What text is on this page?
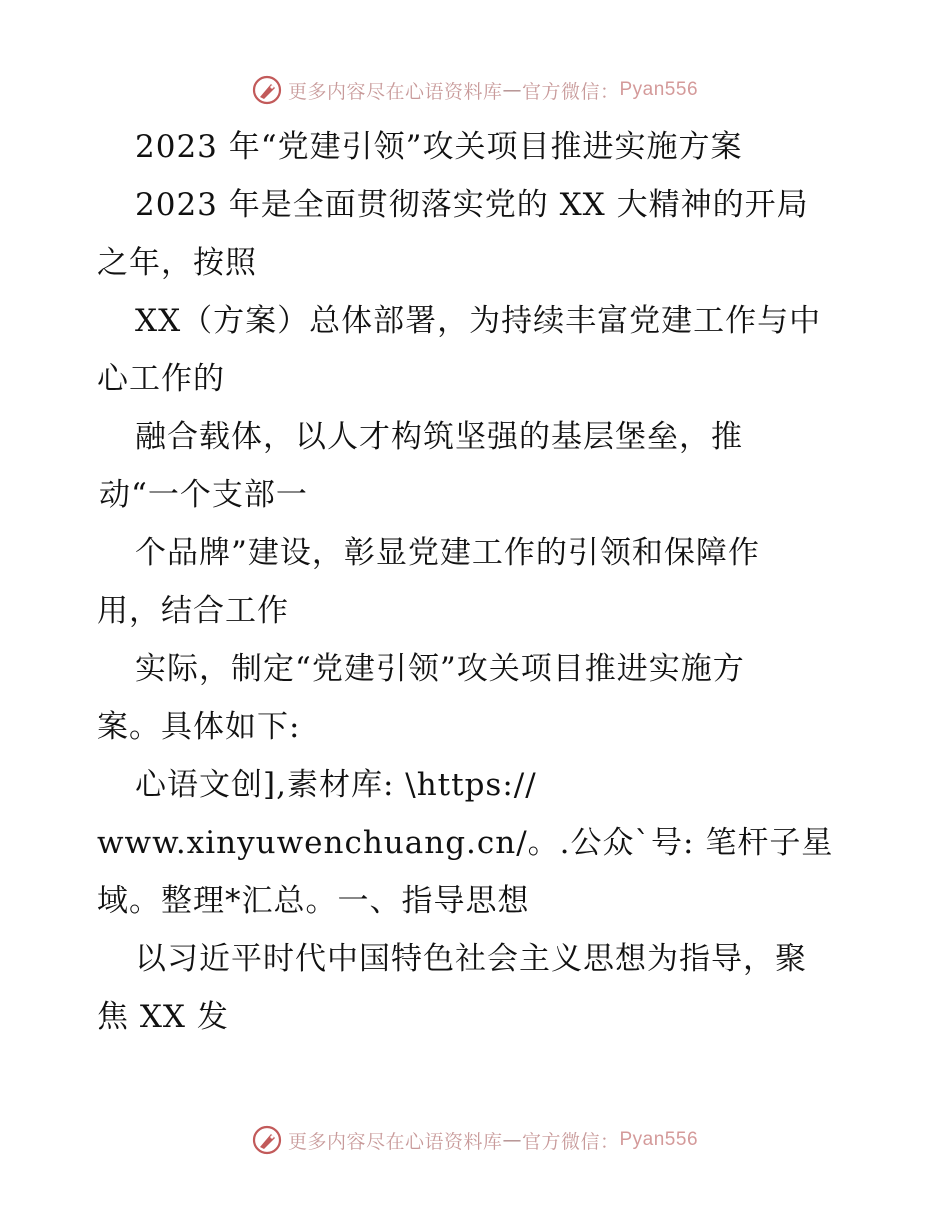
更多内容尽在心语资料库 — 官方微信： Pyan556
2023 年“党建引领”攻关项目推进实施方案
2023 年是全面贯彻落实党的 XX 大精神的开局
之年，按照
XX（方案）总体部署，为持续丰富党建工作与中
心工作的
融合载体，以人才构筑坚强的基层堡垒，推
动“一个支部一
个品牌”建设，彰显党建工作的引领和保障作
用，结合工作
实际，制定“党建引领”攻关项目推进实施方
案。具体如下:
心语文创],素材库: \https://
www.xinyuwenchuang.cn/。.公众`号: 笔杆子星
域。整理*汇总。一、指导思想
以习近平时代中国特色社会主义思想为指导，聚
焦 XX 发
更多内容尽在心语资料库 — 官方微信： Pyan556
